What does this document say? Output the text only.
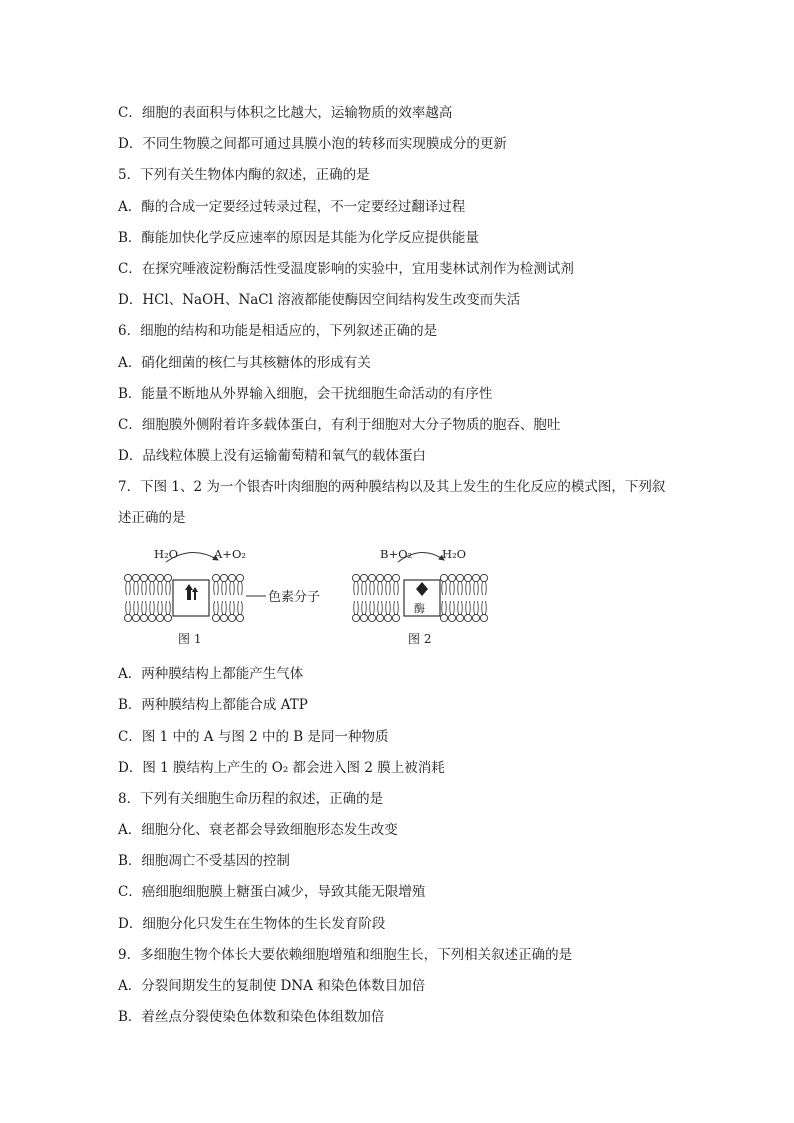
C．细胞的表面积与体积之比越大，运输物质的效率越高
D．不同生物膜之间都可通过具膜小泡的转移而实现膜成分的更新
5．下列有关生物体内酶的叙述，正确的是
A．酶的合成一定要经过转录过程，不一定要经过翻译过程
B．酶能加快化学反应速率的原因是其能为化学反应提供能量
C．在探究唾液淀粉酶活性受温度影响的实验中，宜用斐林试剂作为检测试剂
D．HCl、NaOH、NaCl 溶液都能使酶因空间结构发生改变而失活
6．细胞的结构和功能是相适应的，下列叙述正确的是
A．硝化细菌的核仁与其核糖体的形成有关
B．能量不断地从外界输入细胞，会干扰细胞生命活动的有序性
C．细胞膜外侧附着许多载体蛋白，有利于细胞对大分子物质的胞吞、胞吐
D．品线粒体膜上没有运输葡萄精和氧气的载体蛋白
7．下图 1、2 为一个银杏叶肉细胞的两种膜结构以及其上发生的生化反应的模式图，下列叙
述正确的是
A．两种膜结构上都能产生气体
B．两种膜结构上都能合成 ATP
C．图 1 中的 A 与图 2 中的 B 是同一种物质
D．图 1 膜结构上产生的 O₂ 都会进入图 2 膜上被消耗
8．下列有关细胞生命历程的叙述，正确的是
A．细胞分化、衰老都会导致细胞形态发生改变
B．细胞凋亡不受基因的控制
C．癌细胞细胞膜上糖蛋白减少，导致其能无限增殖
D．细胞分化只发生在生物体的生长发育阶段
9．多细胞生物个体长大要依赖细胞增殖和细胞生长，下列相关叙述正确的是
A．分裂间期发生的复制使 DNA 和染色体数目加倍
B．着丝点分裂使染色体数和染色体组数加倍
色素分子
H₂O	A+O₂
图 1
酶
B+O₂	H₂O
图 2
